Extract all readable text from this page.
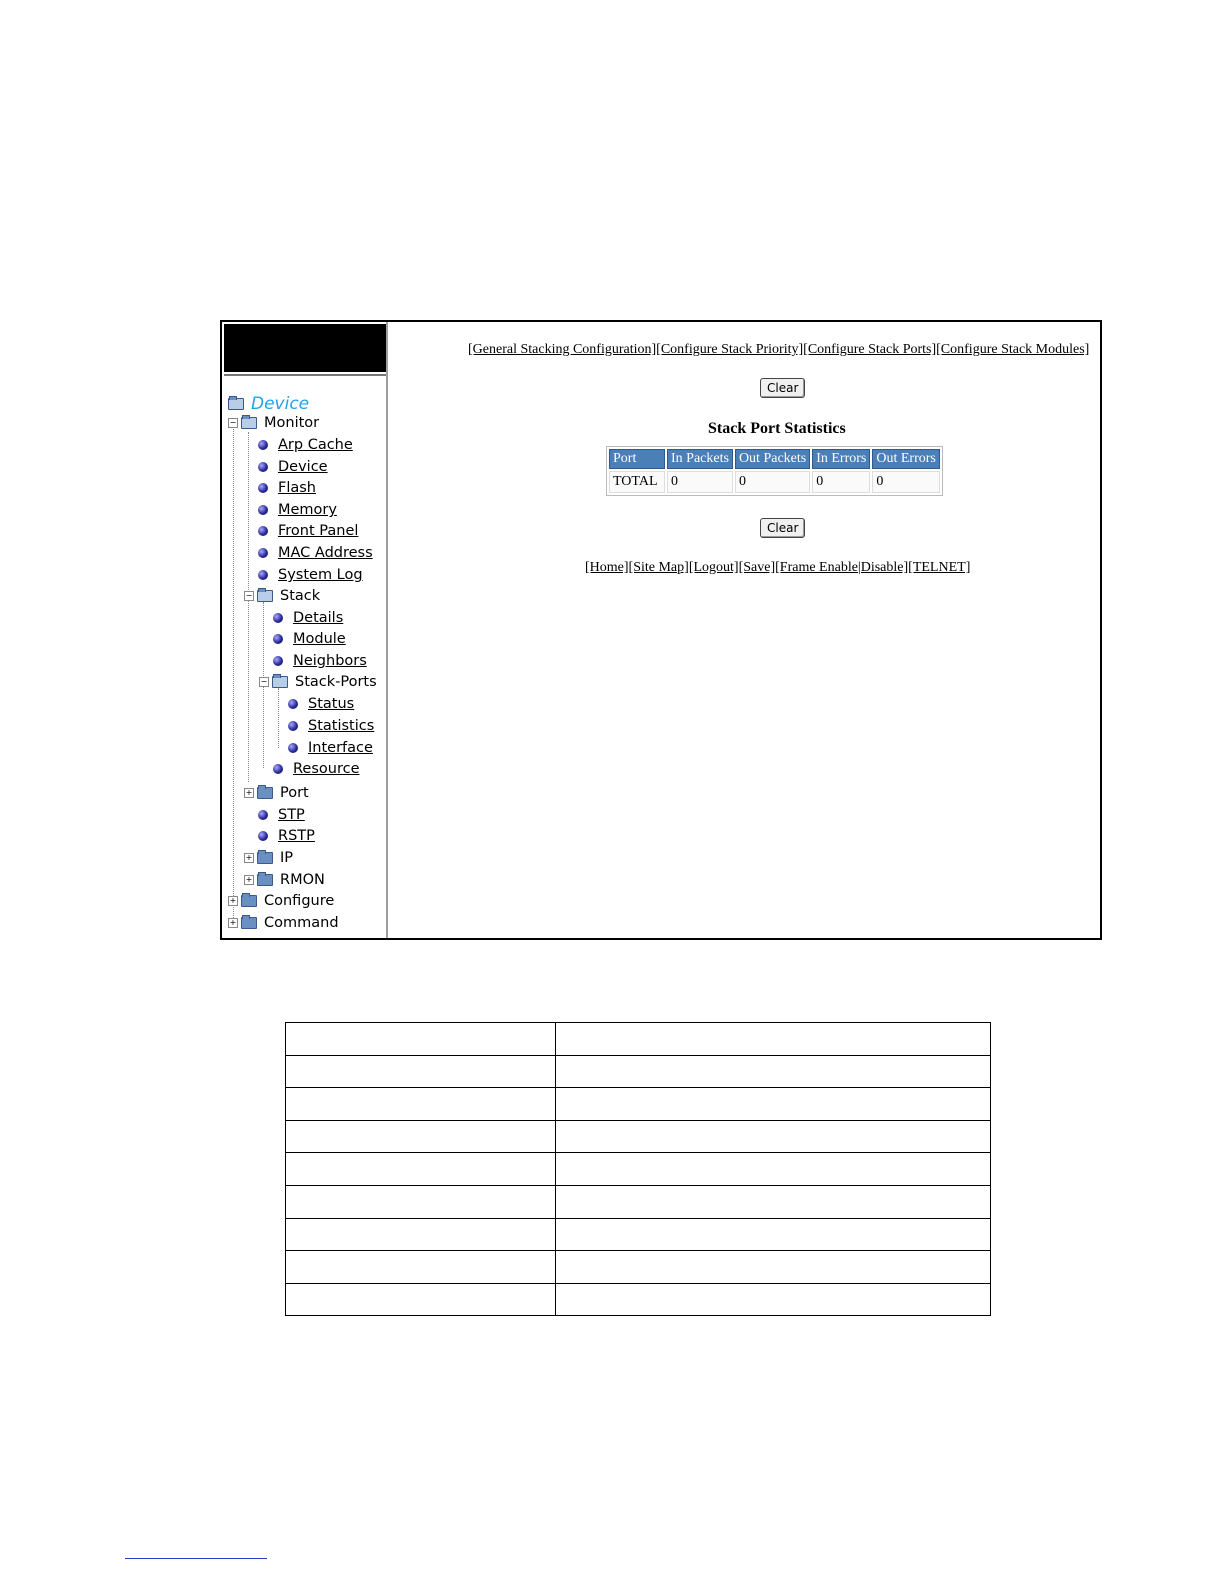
Device
− Monitor
Arp Cache
Device
Flash
Memory
Front Panel
MAC Address
System Log
− Stack
Details
Module
Neighbors
− Stack-Ports
Status
Statistics
Interface
Resource
+ Port
STP
RSTP
+ IP
+ RMON
+ Configure
+ Command
[General Stacking Configuration][Configure Stack Priority][Configure Stack Ports][Configure Stack Modules]
Clear
Stack Port Statistics
Port	In Packets	Out Packets	In Errors	Out Errors
TOTAL	0	0	0	0
Clear
[Home][Site Map][Logout][Save][Frame Enable|Disable][TELNET]
